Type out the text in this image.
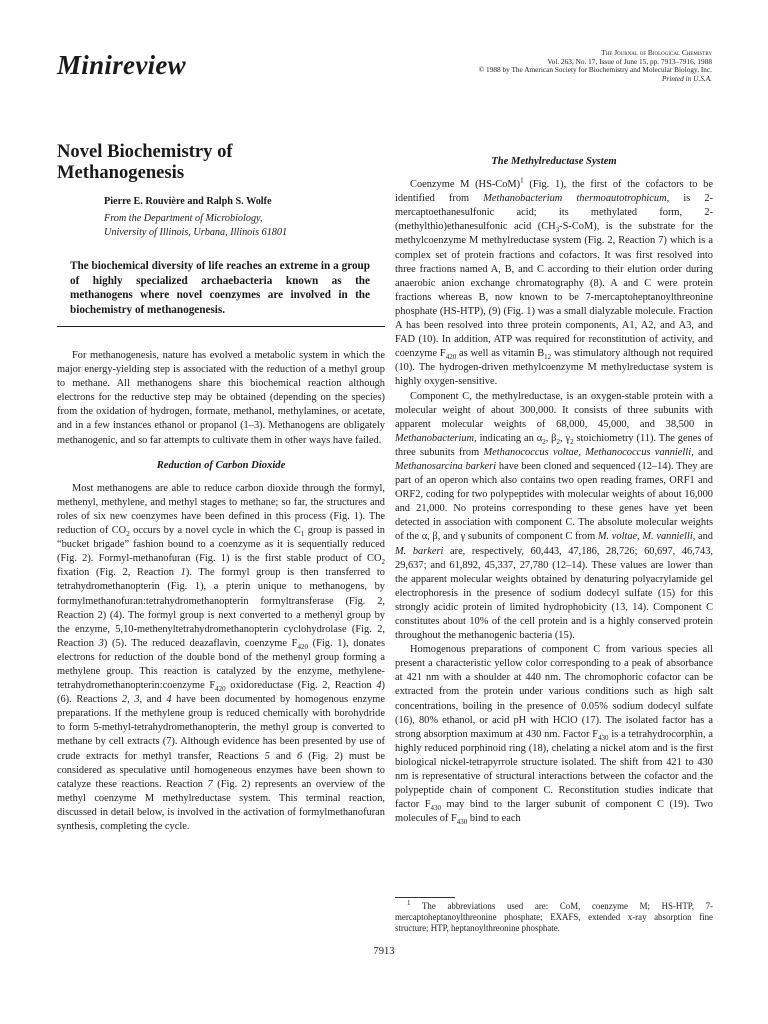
Minireview	The Journal of Biological Chemistry
Vol. 263, No. 17, Issue of June 15, pp. 7913–7916, 1988
© 1988 by The American Society for Biochemistry and Molecular Biology, Inc.
Printed in U.S.A.
Novel Biochemistry of
Methanogenesis
Pierre E. Rouvière and Ralph S. Wolfe
From the Department of Microbiology,
University of Illinois, Urbana, Illinois 61801
The biochemical diversity of life reaches an extreme in a group of highly specialized archaebacteria known as the methanogens where novel coenzymes are involved in the biochemistry of methanogenesis.

For methanogenesis, nature has evolved a metabolic system in which the major energy-yielding step is associated with the reduction of a methyl group to methane. All methanogens share this biochemical reaction although electrons for the reductive step may be obtained (depending on the species) from the oxidation of hydrogen, formate, methanol, methylamines, or acetate, and in a few instances ethanol or propanol (1–3). Methanogens are obligately methanogenic, and so far attempts to cultivate them in other ways have failed.

Reduction of Carbon Dioxide

Most methanogens are able to reduce carbon dioxide through the formyl, methenyl, methylene, and methyl stages to methane; so far, the structures and roles of six new coenzymes have been defined in this process (Fig. 1). The reduction of $CO_2$ occurs by a novel cycle in which the $C_1$ group is passed in “bucket brigade” fashion bound to a coenzyme as it is sequentially reduced (Fig. 2). Formyl-methanofuran (Fig. 1) is the first stable product of $CO_2$ fixation (Fig. 2, Reaction 1). The formyl group is then transferred to tetrahydromethanopterin (Fig. 1), a pterin unique to methanogens, by formylmethanofuran:tetrahydromethanopterin formyltransferase (Fig. 2, Reaction 2) (4). The formyl group is next converted to a methenyl group by the enzyme, 5,10-methenyltetrahydromethanopterin cyclohydrolase (Fig. 2, Reaction 3) (5). The reduced deazaflavin, coenzyme $F_{420}$ (Fig. 1), donates electrons for reduction of the double bond of the methenyl group forming a methylene group. This reaction is catalyzed by the enzyme, methylene-tetrahydromethanopterin:coenzyme $F_{420}$ oxidoreductase (Fig. 2, Reaction 4) (6). Reactions 2, 3, and 4 have been documented by homogenous enzyme preparations. If the methylene group is reduced chemically with borohydride to form 5-methyl-tetrahydromethanopterin, the methyl group is converted to methane by cell extracts (7). Although evidence has been presented by use of crude extracts for methyl transfer, Reactions 5 and 6 (Fig. 2) must be considered as speculative until homogeneous enzymes have been shown to catalyze these reactions. Reaction 7 (Fig. 2) represents an overview of the methyl coenzyme M methylreductase system. This terminal reaction, discussed in detail below, is involved in the activation of formylmethanofuran synthesis, completing the cycle.

The Methylreductase System

Coenzyme M $(HS-CoM)^1$ (Fig. 1), the first of the cofactors to be identified from Methanobacterium thermoautotrophicum, is 2-mercaptoethanesulfonic acid; its methylated form, 2-(methylthio)ethanesulfonic acid $(CH_3-S-CoM)$, is the substrate for the methylcoenzyme M methylreductase system (Fig. 2, Reaction 7) which is a complex set of protein fractions and cofactors. It was first resolved into three fractions named A, B, and C according to their elution order during anaerobic anion exchange chromatography (8). A and C were protein fractions whereas B, now known to be 7-mercaptoheptanoylthreonine phosphate (HS-HTP), (9) (Fig. 1) was a small dialyzable molecule. Fraction A has been resolved into three protein components, A1, A2, and A3, and FAD (10). In addition, ATP was required for reconstitution of activity, and coenzyme $F_{420}$ as well as vitamin $B_{12}$ was stimulatory although not required (10). The hydrogen-driven methylcoenzyme M methylreductase system is highly oxygen-sensitive.

Component C, the methylreductase, is an oxygen-stable protein with a molecular weight of about 300,000. It consists of three subunits with apparent molecular weights of 68,000, 45,000, and 38,500 in Methanobacterium, indicating an $\alpha_2$, $\beta_2$, $\gamma_2$ stoichiometry (11). The genes of three subunits from Methanococcus voltae, Methanococcus vannielli, and Methanosarcina barkeri have been cloned and sequenced (12–14). They are part of an operon which also contains two open reading frames, ORF1 and ORF2, coding for two polypeptides with molecular weights of about 16,000 and 21,000. No proteins corresponding to these genes have yet been detected in association with component C. The absolute molecular weights of the α, β, and γ subunits of component C from M. voltae, M. vannielli, and M. barkeri are, respectively, 60,443, 47,186, 28,726; 60,697, 46,743, 29,637; and 61,892, 45,337, 27,780 (12–14). These values are lower than the apparent molecular weights obtained by denaturing polyacrylamide gel electrophoresis in the presence of sodium dodecyl sulfate (15) for this strongly acidic protein of limited hydrophobicity (13, 14). Component C constitutes about 10% of the cell protein and is a highly conserved protein throughout the methanogenic bacteria (15).

Homogenous preparations of component C from various species all present a characteristic yellow color corresponding to a peak of absorbance at 421 nm with a shoulder at 440 nm. The chromophoric cofactor can be extracted from the protein under various conditions such as high salt concentrations, boiling in the presence of 0.05% sodium dodecyl sulfate (16), 80% ethanol, or acid pH with HClO (17). The isolated factor has a strong absorption maximum at 430 nm. Factor $F_{430}$ is a tetrahydrocorphin, a highly reduced porphinoid ring (18), chelating a nickel atom and is the first biological nickel-tetrapyrrole structure isolated. The shift from 421 to 430 nm is representative of structural interactions between the cofactor and the polypeptide chain of component C. Reconstitution studies indicate that factor $F_{430}$ may bind to the larger subunit of component C (19). Two molecules of $F_{430}$ bind to each

$^1$ The abbreviations used are: CoM, coenzyme M; HS-HTP, 7-mercaptoheptanoylthreonine phosphate; EXAFS, extended x-ray absorption fine structure; HTP, heptanoylthreonine phosphate.
7913
